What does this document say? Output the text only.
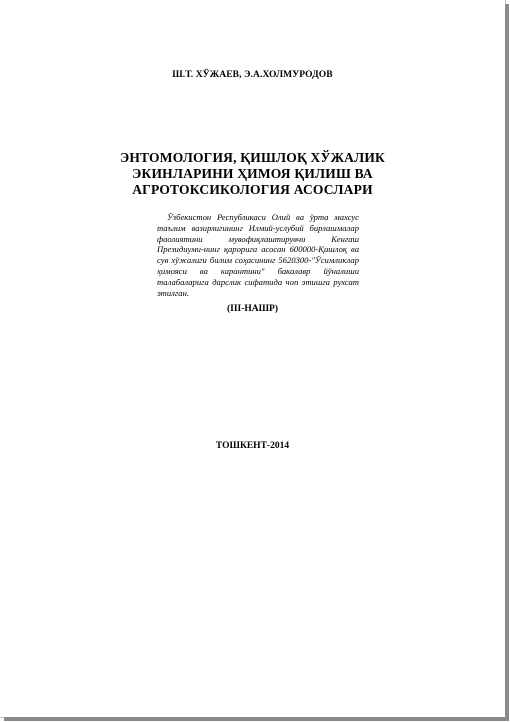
Ш.Т. ХЎЖАЕВ, Э.А.ХОЛМУРОДОВ
ЭНТОМОЛОГИЯ, ҚИШЛОҚ ХЎЖАЛИК
ЭКИНЛАРИНИ ҲИМОЯ ҚИЛИШ ВА
АГРОТОКСИКОЛОГИЯ АСОСЛАРИ
Ўзбекистон Республикаси Олий ва ўрта махсус таълим вазирлигининг Илмий-услубий бирлашмалар фаолиятини мувофиқлаштирувчи Кенгаш Президиуми-нинг қарорига асосан 600000-Қишлоқ ва сув хўжалиги билим соҳасининг 5620300-"Ўсимликлар ҳимояси ва карантини" бакалавр йўналиши талабаларига дарслик сифатида чоп этишга рухсат этилган.
(ІІІ-НАШР)
ТОШКЕНТ-2014
